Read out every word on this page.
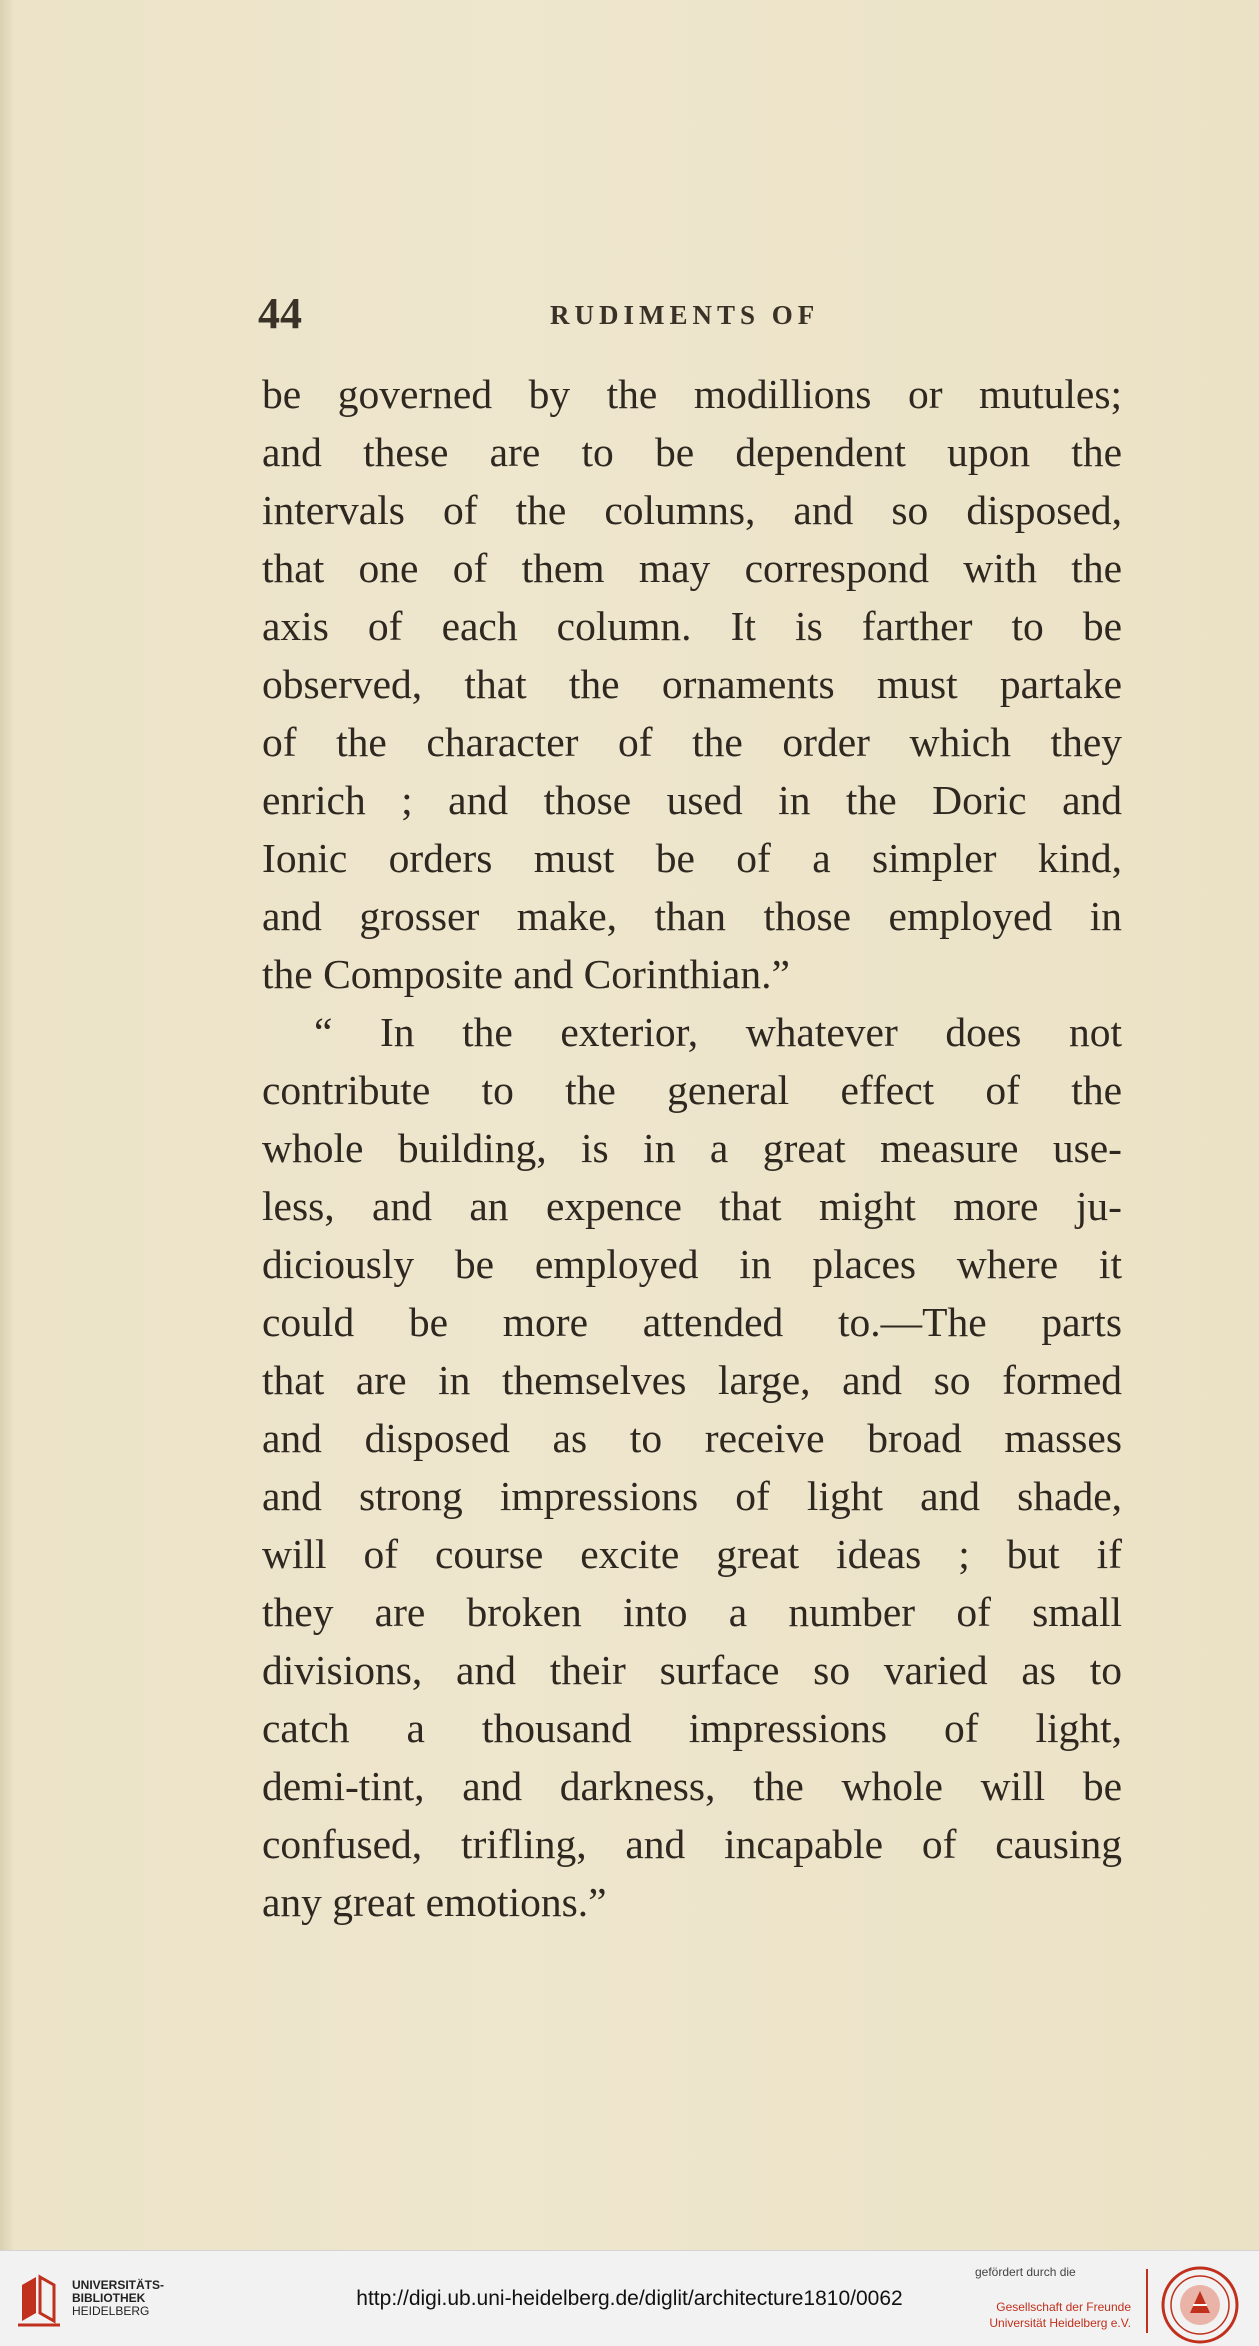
44	RUDIMENTS OF
be governed by the modillions or mutules;
and these are to be dependent upon the
intervals of the columns, and so disposed,
that one of them may correspond with the
axis of each column. It is farther to be
observed, that the ornaments must partake
of the character of the order which they
enrich ; and those used in the Doric and
Ionic orders must be of a simpler kind,
and grosser make, than those employed in
the Composite and Corinthian.”
“ In the exterior, whatever does not
contribute to the general effect of the
whole building, is in a great measure use-
less, and an expence that might more ju-
diciously be employed in places where it
could be more attended to.—The parts
that are in themselves large, and so formed
and disposed as to receive broad masses
and strong impressions of light and shade,
will of course excite great ideas ; but if
they are broken into a number of small
divisions, and their surface so varied as to
catch a thousand impressions of light,
demi-tint, and darkness, the whole will be
confused, trifling, and incapable of causing
any great emotions.”
UNIVERSITÄTS-
BIBLIOTHEK
HEIDELBERG
http://digi.ub.uni-heidelberg.de/diglit/architecture1810/0062
gefördert durch die
Gesellschaft der Freunde
Universität Heidelberg e.V.
